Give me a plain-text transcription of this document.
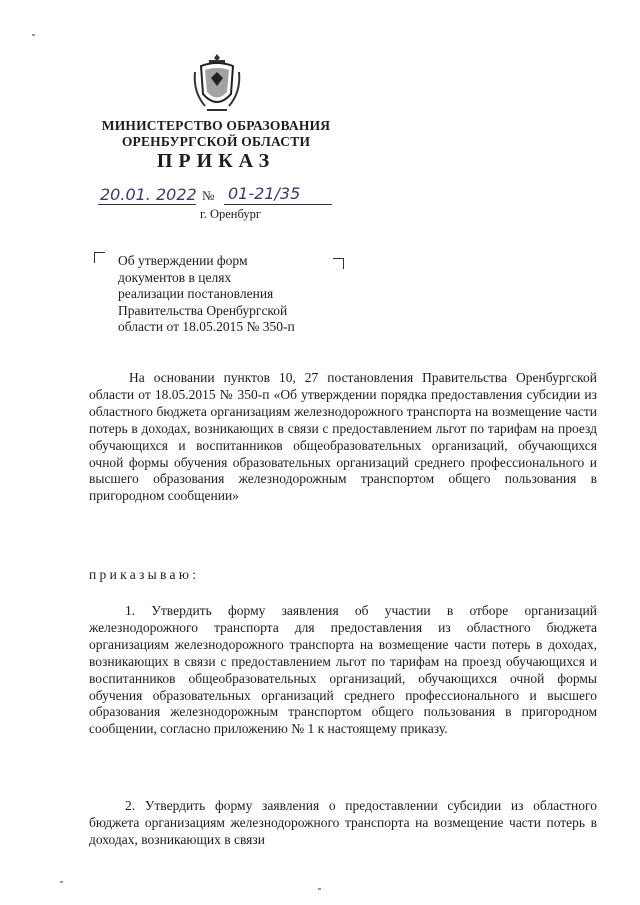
МИНИСТЕРСТВО ОБРАЗОВАНИЯ
ОРЕНБУРГСКОЙ ОБЛАСТИ
ПРИКАЗ
20.01. 2022 № 01-21/35
г. Оренбург
Об утверждении форм
документов в целях
реализации постановления
Правительства Оренбургской
области от 18.05.2015 № 350-п
На основании пунктов 10, 27 постановления Правительства Оренбургской области от 18.05.2015 № 350-п «Об утверждении порядка предоставления субсидии из областного бюджета организациям железнодорожного транспорта на возмещение части потерь в доходах, возникающих в связи с предоставлением льгот по тарифам на проезд обучающихся и воспитанников общеобразовательных организаций, обучающихся очной формы обучения образовательных организаций среднего профессионального и высшего образования железнодорожным транспортом общего пользования в пригородном сообщении»
приказываю:
1. Утвердить форму заявления об участии в отборе организаций железнодорожного транспорта для предоставления из областного бюджета организациям железнодорожного транспорта на возмещение части потерь в доходах, возникающих в связи с предоставлением льгот по тарифам на проезд обучающихся и воспитанников общеобразовательных организаций, обучающихся очной формы обучения образовательных организаций среднего профессионального и высшего образования железнодорожным транспортом общего пользования в пригородном сообщении, согласно приложению № 1 к настоящему приказу.
2. Утвердить форму заявления о предоставлении субсидии из областного бюджета организациям железнодорожного транспорта на возмещение части потерь в доходах, возникающих в связи
